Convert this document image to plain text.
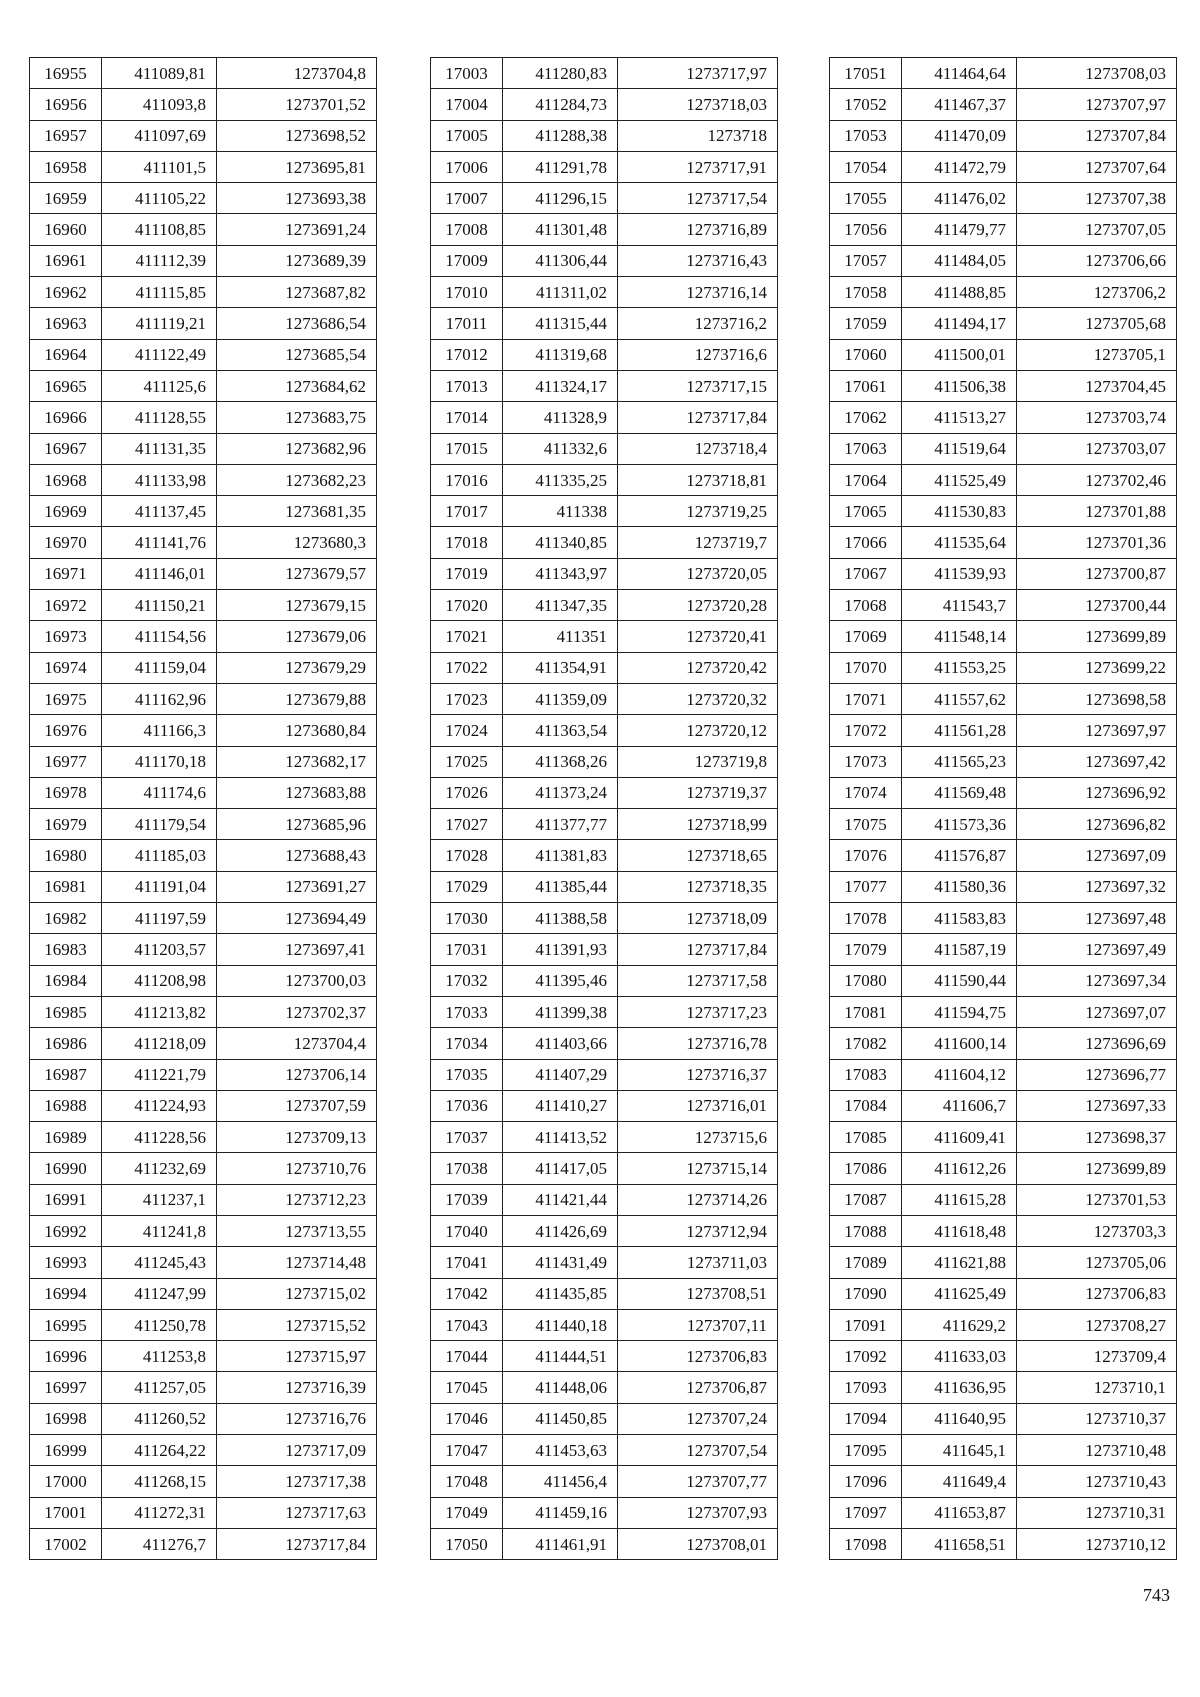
16955	411089,81	1273704,8
16956	411093,8	1273701,52
16957	411097,69	1273698,52
16958	411101,5	1273695,81
16959	411105,22	1273693,38
16960	411108,85	1273691,24
16961	411112,39	1273689,39
16962	411115,85	1273687,82
16963	411119,21	1273686,54
16964	411122,49	1273685,54
16965	411125,6	1273684,62
16966	411128,55	1273683,75
16967	411131,35	1273682,96
16968	411133,98	1273682,23
16969	411137,45	1273681,35
16970	411141,76	1273680,3
16971	411146,01	1273679,57
16972	411150,21	1273679,15
16973	411154,56	1273679,06
16974	411159,04	1273679,29
16975	411162,96	1273679,88
16976	411166,3	1273680,84
16977	411170,18	1273682,17
16978	411174,6	1273683,88
16979	411179,54	1273685,96
16980	411185,03	1273688,43
16981	411191,04	1273691,27
16982	411197,59	1273694,49
16983	411203,57	1273697,41
16984	411208,98	1273700,03
16985	411213,82	1273702,37
16986	411218,09	1273704,4
16987	411221,79	1273706,14
16988	411224,93	1273707,59
16989	411228,56	1273709,13
16990	411232,69	1273710,76
16991	411237,1	1273712,23
16992	411241,8	1273713,55
16993	411245,43	1273714,48
16994	411247,99	1273715,02
16995	411250,78	1273715,52
16996	411253,8	1273715,97
16997	411257,05	1273716,39
16998	411260,52	1273716,76
16999	411264,22	1273717,09
17000	411268,15	1273717,38
17001	411272,31	1273717,63
17002	411276,7	1273717,84
17003	411280,83	1273717,97
17004	411284,73	1273718,03
17005	411288,38	1273718
17006	411291,78	1273717,91
17007	411296,15	1273717,54
17008	411301,48	1273716,89
17009	411306,44	1273716,43
17010	411311,02	1273716,14
17011	411315,44	1273716,2
17012	411319,68	1273716,6
17013	411324,17	1273717,15
17014	411328,9	1273717,84
17015	411332,6	1273718,4
17016	411335,25	1273718,81
17017	411338	1273719,25
17018	411340,85	1273719,7
17019	411343,97	1273720,05
17020	411347,35	1273720,28
17021	411351	1273720,41
17022	411354,91	1273720,42
17023	411359,09	1273720,32
17024	411363,54	1273720,12
17025	411368,26	1273719,8
17026	411373,24	1273719,37
17027	411377,77	1273718,99
17028	411381,83	1273718,65
17029	411385,44	1273718,35
17030	411388,58	1273718,09
17031	411391,93	1273717,84
17032	411395,46	1273717,58
17033	411399,38	1273717,23
17034	411403,66	1273716,78
17035	411407,29	1273716,37
17036	411410,27	1273716,01
17037	411413,52	1273715,6
17038	411417,05	1273715,14
17039	411421,44	1273714,26
17040	411426,69	1273712,94
17041	411431,49	1273711,03
17042	411435,85	1273708,51
17043	411440,18	1273707,11
17044	411444,51	1273706,83
17045	411448,06	1273706,87
17046	411450,85	1273707,24
17047	411453,63	1273707,54
17048	411456,4	1273707,77
17049	411459,16	1273707,93
17050	411461,91	1273708,01
17051	411464,64	1273708,03
17052	411467,37	1273707,97
17053	411470,09	1273707,84
17054	411472,79	1273707,64
17055	411476,02	1273707,38
17056	411479,77	1273707,05
17057	411484,05	1273706,66
17058	411488,85	1273706,2
17059	411494,17	1273705,68
17060	411500,01	1273705,1
17061	411506,38	1273704,45
17062	411513,27	1273703,74
17063	411519,64	1273703,07
17064	411525,49	1273702,46
17065	411530,83	1273701,88
17066	411535,64	1273701,36
17067	411539,93	1273700,87
17068	411543,7	1273700,44
17069	411548,14	1273699,89
17070	411553,25	1273699,22
17071	411557,62	1273698,58
17072	411561,28	1273697,97
17073	411565,23	1273697,42
17074	411569,48	1273696,92
17075	411573,36	1273696,82
17076	411576,87	1273697,09
17077	411580,36	1273697,32
17078	411583,83	1273697,48
17079	411587,19	1273697,49
17080	411590,44	1273697,34
17081	411594,75	1273697,07
17082	411600,14	1273696,69
17083	411604,12	1273696,77
17084	411606,7	1273697,33
17085	411609,41	1273698,37
17086	411612,26	1273699,89
17087	411615,28	1273701,53
17088	411618,48	1273703,3
17089	411621,88	1273705,06
17090	411625,49	1273706,83
17091	411629,2	1273708,27
17092	411633,03	1273709,4
17093	411636,95	1273710,1
17094	411640,95	1273710,37
17095	411645,1	1273710,48
17096	411649,4	1273710,43
17097	411653,87	1273710,31
17098	411658,51	1273710,12
743
